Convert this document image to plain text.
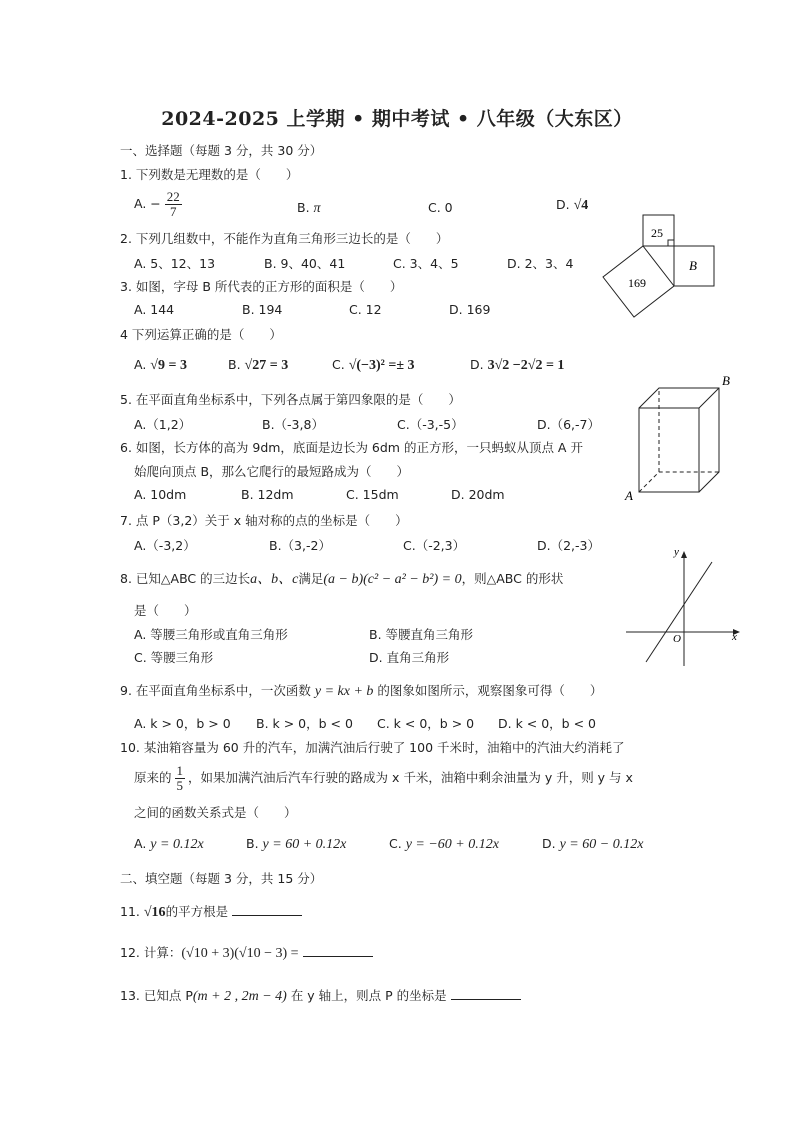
2024-2025 上学期 • 期中考试 • 八年级（大东区）
一、选择题（每题 3 分，共 30 分）
1. 下列数是无理数的是（　　）
A. − $\frac{22}{7}$	B. π	C. 0	D. √4
2. 下列几组数中，不能作为直角三角形三边长的是（　　）
A. 5、12、13	B. 9、40、41	C. 3、4、5	D. 2、3、4
3. 如图，字母 B 所代表的正方形的面积是（　　）
A. 144	B. 194	C. 12	D. 169
25
B
169
4 下列运算正确的是（　　）
A. √9 = 3	B. √27 = 3	C. √(−3)² =± 3	D. 3√2 −2√2 = 1
5. 在平面直角坐标系中，下列各点属于第四象限的是（　　）
A.（1,2）	B.（-3,8）	C.（-3,-5）	D.（6,-7）
6. 如图，长方体的高为 9dm，底面是边长为 6dm 的正方形，一只蚂蚁从顶点 A 开
始爬向顶点 B，那么它爬行的最短路成为（　　）
A. 10dm	B. 12dm	C. 15dm	D. 20dm
B
A
7. 点 P（3,2）关于 x 轴对称的点的坐标是（　　）
A.（-3,2）	B.（3,-2）	C.（-2,3）	D.（2,-3）
8. 已知△ABC 的三边长a、b、c满足(a − b)(c² − a² − b²) = 0，则△ABC 的形状
是（　　）
A. 等腰三角形或直角三角形	B. 等腰直角三角形
C. 等腰三角形	D. 直角三角形
y
x
O
9. 在平面直角坐标系中，一次函数 y = kx + b 的图象如图所示，观察图象可得（　　）
A. k > 0，b > 0 B. k > 0，b < 0 C. k < 0，b > 0 D. k < 0，b < 0
10. 某油箱容量为 60 升的汽车，加满汽油后行驶了 100 千米时，油箱中的汽油大约消耗了
原来的 $\frac{1}{5}$ ，如果加满汽油后汽车行驶的路成为 x 千米，油箱中剩余油量为 y 升，则 y 与 x
之间的函数关系式是（　　）
A. y = 0.12x	B. y = 60 + 0.12x	C. y = −60 + 0.12x	D. y = 60 − 0.12x
二、填空题（每题 3 分，共 15 分）
11. √16的平方根是
12. 计算：(√10 + 3)(√10 − 3) =
13. 已知点 P(m + 2 , 2m − 4) 在 y 轴上，则点 P 的坐标是
